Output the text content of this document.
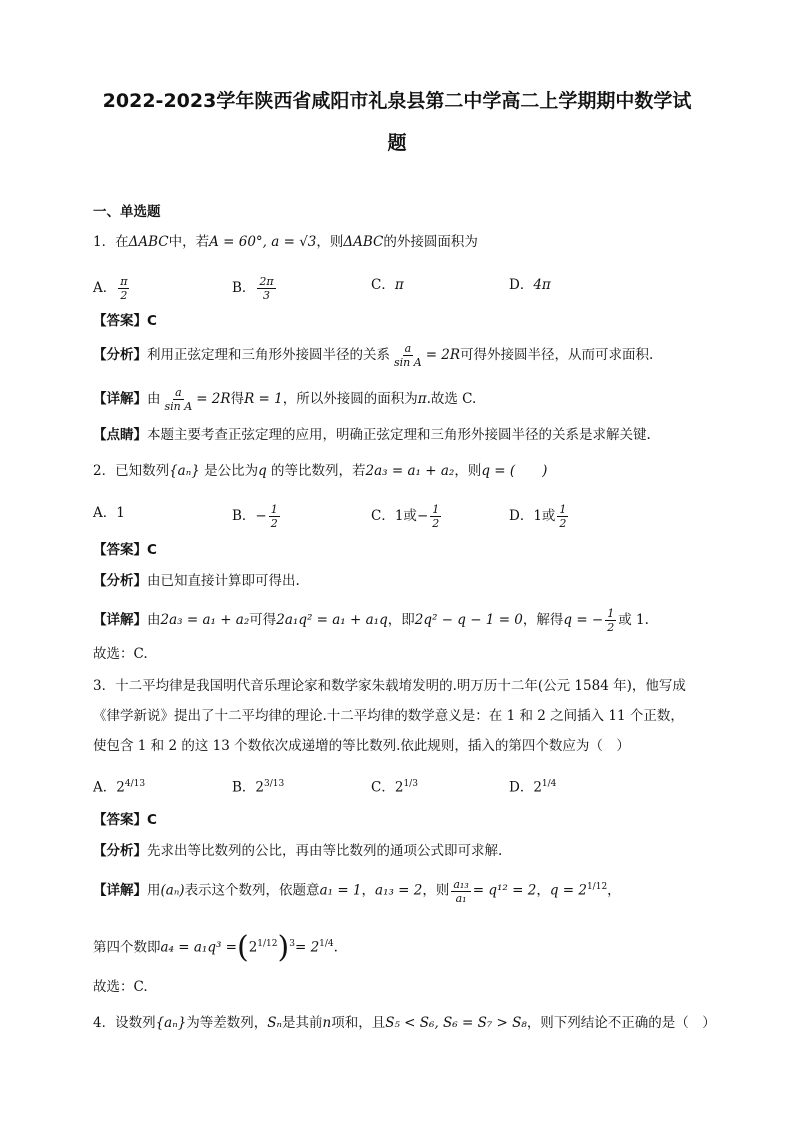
2022-2023学年陕西省咸阳市礼泉县第二中学高二上学期期中数学试
题
一、单选题
1．在ΔABC中，若A = 60°, a = √3，则ΔABC的外接圆面积为
A． $\frac{\pi}{2}$	B． $\frac{2\pi}{3}$	C．π	D．4π
【答案】C
【分析】利用正弦定理和三角形外接圆半径的关系 $\frac{a}{\text{sin A}} = 2R$可得外接圆半径，从而可求面积.
【详解】由 $\frac{a}{\text{sin A}} = 2R$得R = 1，所以外接圆的面积为π.故选 C.
【点睛】本题主要考查正弦定理的应用，明确正弦定理和三角形外接圆半径的关系是求解关键.
2．已知数列{aₙ} 是公比为q 的等比数列，若2a₃ = a₁ + a₂，则q = (　　)
A．1	B．− $\frac{1}{2}$	C．1或− $\frac{1}{2}$	D．1或 $\frac{1}{2}$
【答案】C
【分析】由已知直接计算即可得出.
【详解】由2a₃ = a₁ + a₂可得2a₁q² = a₁ + a₁q，即2q² − q − 1 = 0，解得q = − $\frac{1}{2}$ 或 1.
故选：C.
3．十二平均律是我国明代音乐理论家和数学家朱载堉发明的.明万历十二年(公元 1584 年)，他写成
《律学新说》提出了十二平均律的理论.十二平均律的数学意义是：在 1 和 2 之间插入 11 个正数，
使包含 1 和 2 的这 13 个数依次成递增的等比数列.依此规则，插入的第四个数应为（　）
A．$2^{4/13}$	B．$2^{3/13}$	C．$2^{1/3}$	D．$2^{1/4}$
【答案】C
【分析】先求出等比数列的公比，再由等比数列的通项公式即可求解.
【详解】用(aₙ)表示这个数列，依题意a₁ = 1，a₁₃ = 2，则 $\frac{\text{a₁₃}}{\text{a₁}} = q^{12} = 2$，$q = 2^{1/12}$，
第四个数即$a_4 = a_1q^3 =(2^{1/12})^3= 2^{1/4}$.
故选：C.
4．设数列{aₙ}为等差数列，Sₙ是其前n项和，且S₅ < S₆, S₆ = S₇ > S₈，则下列结论不正确的是（　）
